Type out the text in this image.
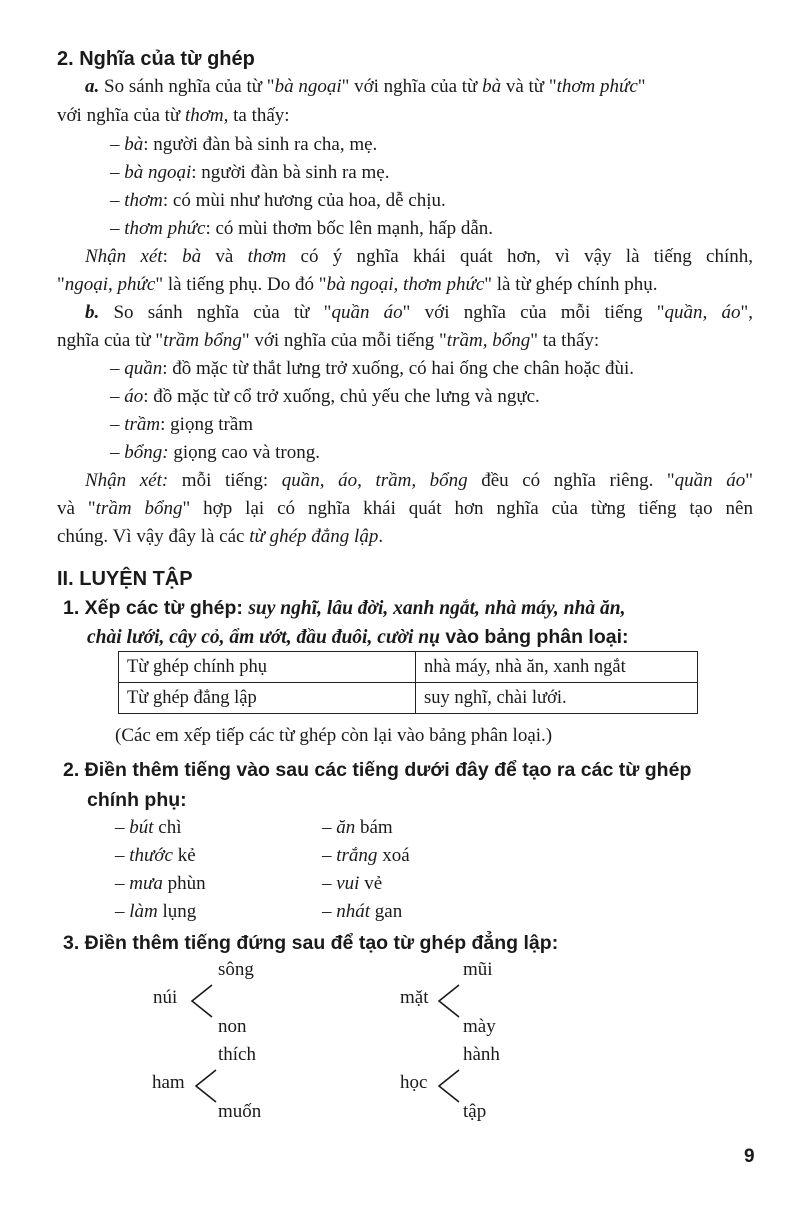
2. Nghĩa của từ ghép
a. So sánh nghĩa của từ "bà ngoại" với nghĩa của từ bà và từ "thơm phức"
với nghĩa của từ thơm, ta thấy:
– bà: người đàn bà sinh ra cha, mẹ.
– bà ngoại: người đàn bà sinh ra mẹ.
– thơm: có mùi như hương của hoa, dễ chịu.
– thơm phức: có mùi thơm bốc lên mạnh, hấp dẫn.
Nhận xét: bà và thơm có ý nghĩa khái quát hơn, vì vậy là tiếng chính,
"ngoại, phức" là tiếng phụ. Do đó "bà ngoại, thơm phức" là từ ghép chính phụ.
b. So sánh nghĩa của từ "quần áo" với nghĩa của mỗi tiếng "quần, áo",
nghĩa của từ "trầm bổng" với nghĩa của mỗi tiếng "trầm, bổng" ta thấy:
– quần: đồ mặc từ thắt lưng trở xuống, có hai ống che chân hoặc đùi.
– áo: đồ mặc từ cổ trở xuống, chủ yếu che lưng và ngực.
– trầm: giọng trầm
– bổng: giọng cao và trong.
Nhận xét: mỗi tiếng: quần, áo, trầm, bổng đều có nghĩa riêng. "quần áo"
và "trầm bổng" hợp lại có nghĩa khái quát hơn nghĩa của từng tiếng tạo nên
chúng. Vì vậy đây là các từ ghép đẳng lập.
II. LUYỆN TẬP
1. Xếp các từ ghép: suy nghĩ, lâu đời, xanh ngắt, nhà máy, nhà ăn,
chài lưới, cây cỏ, ẩm ướt, đầu đuôi, cười nụ vào bảng phân loại:
Từ ghép chính phụ	nhà máy, nhà ăn, xanh ngắt
Từ ghép đẳng lập	suy nghĩ, chài lưới.
(Các em xếp tiếp các từ ghép còn lại vào bảng phân loại.)
2. Điền thêm tiếng vào sau các tiếng dưới đây để tạo ra các từ ghép
chính phụ:
– bút chì
– thước kẻ
– mưa phùn
– làm lụng
– ăn bám
– trắng xoá
– vui vẻ
– nhát gan
3. Điền thêm tiếng đứng sau để tạo từ ghép đẳng lập:
sông
núi
non
mũi
mặt
mày
thích
ham
muốn
hành
học
tập
9
